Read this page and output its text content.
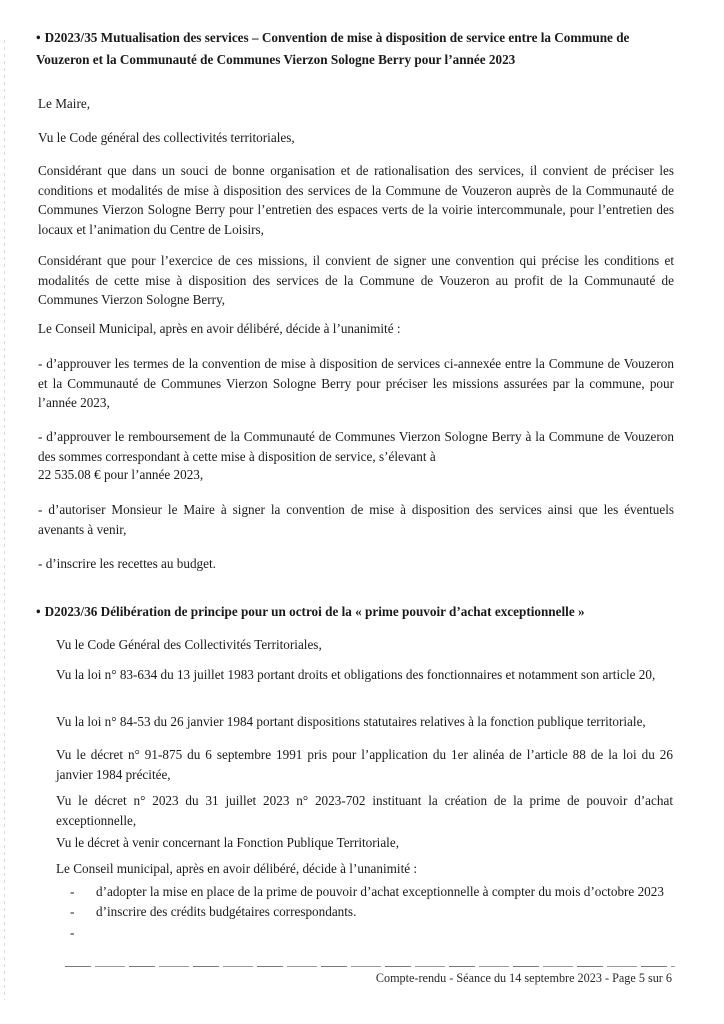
• D2023/35 Mutualisation des services – Convention de mise à disposition de service entre la Commune de
Vouzeron et la Communauté de Communes Vierzon Sologne Berry pour l’année 2023
Le Maire,
Vu le Code général des collectivités territoriales,
Considérant que dans un souci de bonne organisation et de rationalisation des services, il convient de préciser les conditions et modalités de mise à disposition des services de la Commune de Vouzeron auprès de la Communauté de Communes Vierzon Sologne Berry pour l’entretien des espaces verts de la voirie intercommunale, pour l’entretien des locaux et l’animation du Centre de Loisirs,
Considérant que pour l’exercice de ces missions, il convient de signer une convention qui précise les conditions et modalités de cette mise à disposition des services de la Commune de Vouzeron au profit de la Communauté de Communes Vierzon Sologne Berry,
Le Conseil Municipal, après en avoir délibéré, décide à l’unanimité :
- d’approuver les termes de la convention de mise à disposition de services ci-annexée entre la Commune de Vouzeron et la Communauté de Communes Vierzon Sologne Berry pour préciser les missions assurées par la commune, pour l’année 2023,
- d’approuver le remboursement de la Communauté de Communes Vierzon Sologne Berry à la Commune de Vouzeron des sommes correspondant à cette mise à disposition de service, s’élevant à
22 535.08 € pour l’année 2023,
- d’autoriser Monsieur le Maire à signer la convention de mise à disposition des services ainsi que les éventuels avenants à venir,
- d’inscrire les recettes au budget.
• D2023/36 Délibération de principe pour un octroi de la « prime pouvoir d’achat exceptionnelle »
Vu le Code Général des Collectivités Territoriales,
Vu la loi n° 83-634 du 13 juillet 1983 portant droits et obligations des fonctionnaires et notamment son article 20,
Vu la loi n° 84-53 du 26 janvier 1984 portant dispositions statutaires relatives à la fonction publique territoriale,
Vu le décret n° 91-875 du 6 septembre 1991 pris pour l’application du 1er alinéa de l’article 88 de la loi du 26 janvier 1984 précitée,
Vu le décret n° 2023 du 31 juillet 2023 n° 2023-702 instituant la création de la prime de pouvoir d’achat exceptionnelle,
Vu le décret à venir concernant la Fonction Publique Territoriale,
Le Conseil municipal, après en avoir délibéré, décide à l’unanimité :
- d’adopter la mise en place de la prime de pouvoir d’achat exceptionnelle à compter du mois d’octobre 2023
- d’inscrire des crédits budgétaires correspondants.
-
Compte-rendu - Séance du 14 septembre 2023 - Page 5 sur 6
